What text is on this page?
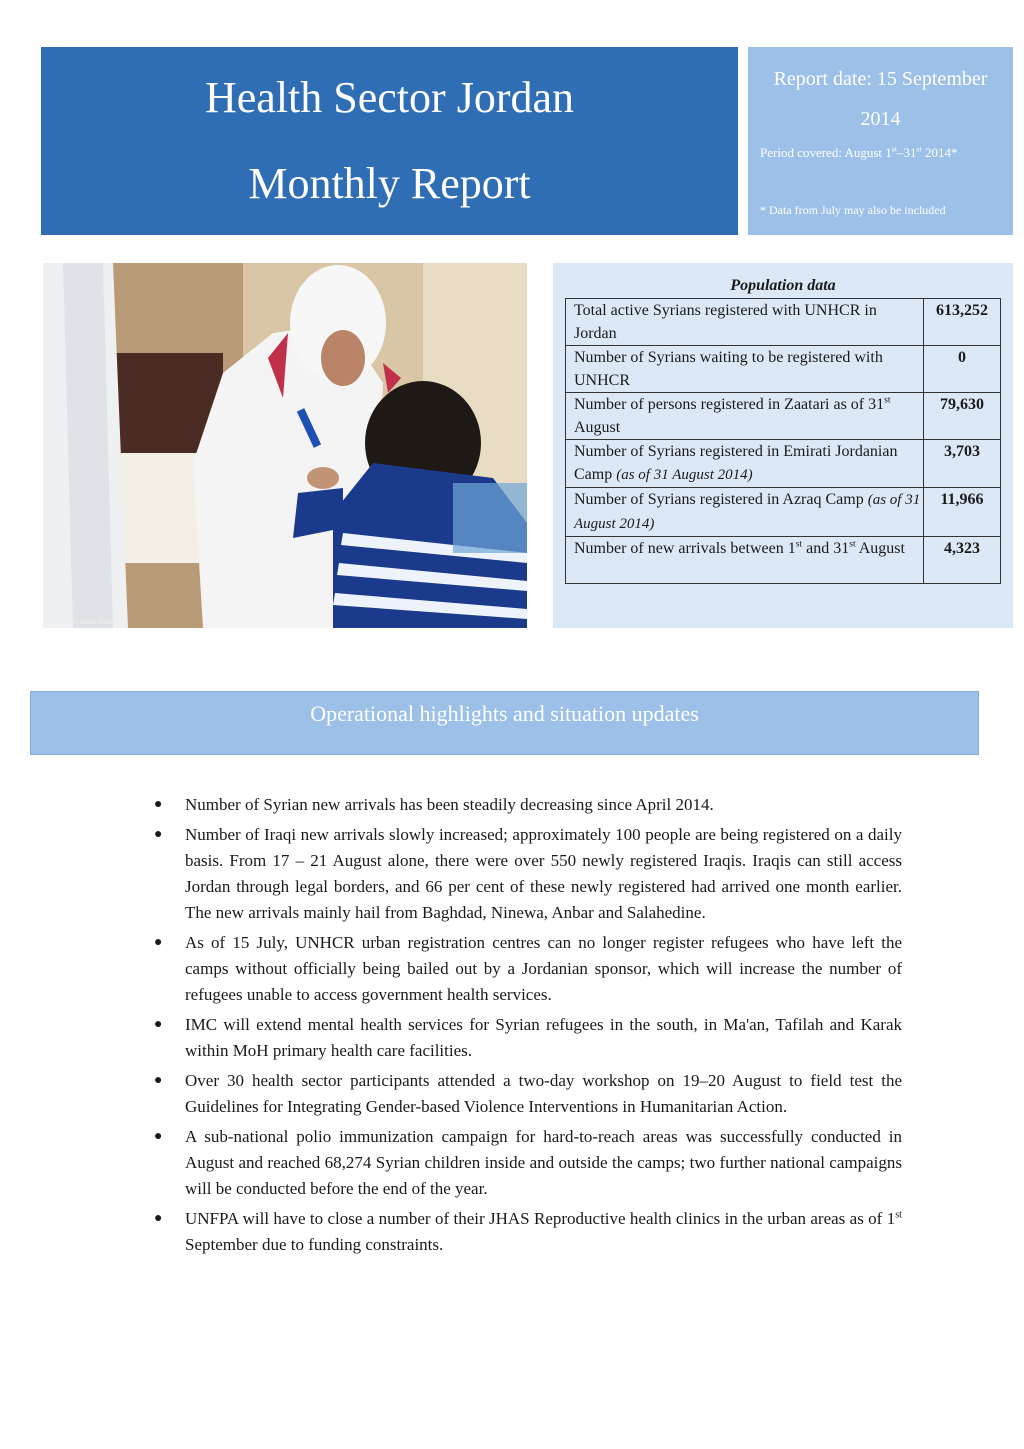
Health Sector Jordan
Monthly Report
Report date: 15 September 2014
Period covered: August 1st–31st 2014*
* Data from July may also be included
©UNHCR/Jared Kohler
Population data
Total active Syrians registered with UNHCR in Jordan	613,252
Number of Syrians waiting to be registered with UNHCR	0
Number of persons registered in Zaatari as of 31st August	79,630
Number of Syrians registered in Emirati Jordanian Camp (as of 31 August 2014)	3,703
Number of Syrians registered in Azraq Camp (as of 31 August 2014)	11,966
Number of new arrivals between 1st and 31st August	4,323
Operational highlights and situation updates
● Number of Syrian new arrivals has been steadily decreasing since April 2014.
● Number of Iraqi new arrivals slowly increased; approximately 100 people are being registered on a daily basis. From 17 – 21 August alone, there were over 550 newly registered Iraqis. Iraqis can still access Jordan through legal borders, and 66 per cent of these newly registered had arrived one month earlier. The new arrivals mainly hail from Baghdad, Ninewa, Anbar and Salahedine.
● As of 15 July, UNHCR urban registration centres can no longer register refugees who have left the camps without officially being bailed out by a Jordanian sponsor, which will increase the number of refugees unable to access government health services.
● IMC will extend mental health services for Syrian refugees in the south, in Ma'an, Tafilah and Karak within MoH primary health care facilities.
● Over 30 health sector participants attended a two-day workshop on 19–20 August to field test the Guidelines for Integrating Gender-based Violence Interventions in Humanitarian Action.
● A sub-national polio immunization campaign for hard-to-reach areas was successfully conducted in August and reached 68,274 Syrian children inside and outside the camps; two further national campaigns will be conducted before the end of the year.
● UNFPA will have to close a number of their JHAS Reproductive health clinics in the urban areas as of 1st September due to funding constraints.
